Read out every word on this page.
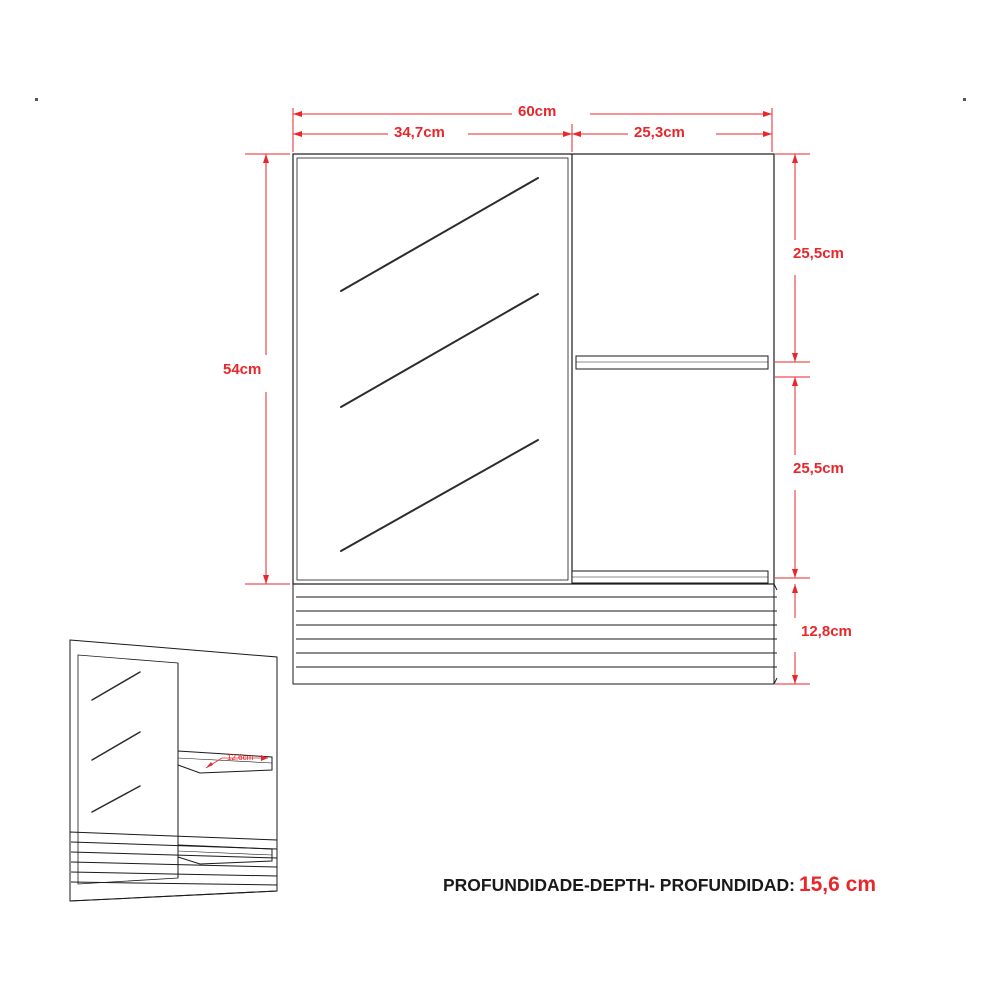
60cm
34,7cm	25,3cm
54cm
25,5cm
25,5cm
12,8cm
12,6cm
PROFUNDIDADE-DEPTH- PROFUNDIDAD: 15,6 cm
